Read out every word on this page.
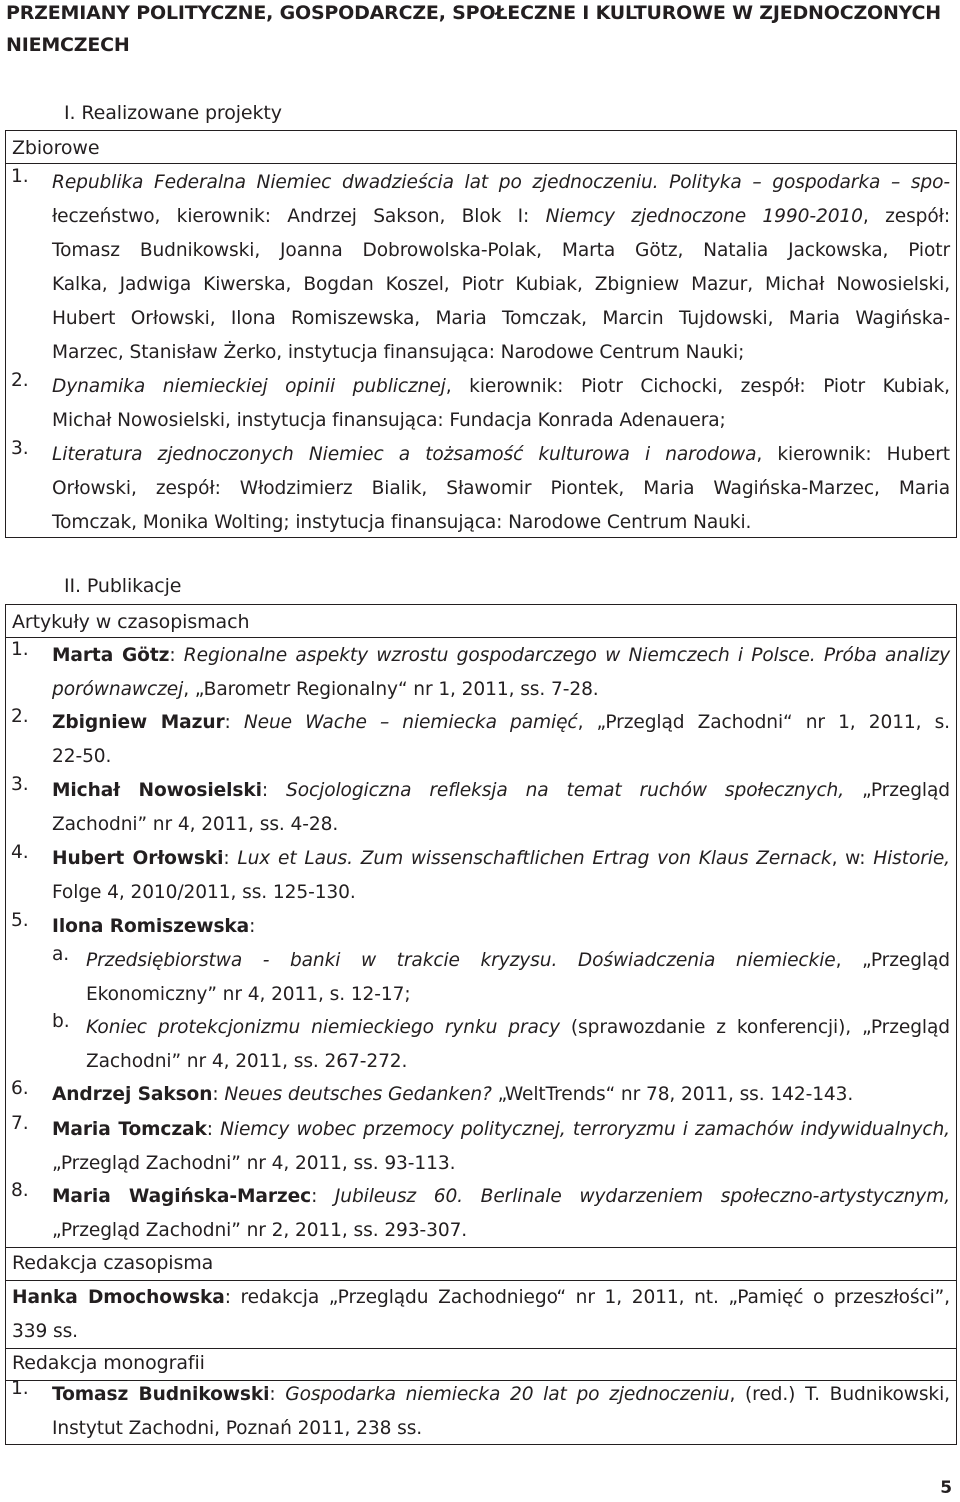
PRZEMIANY POLITYCZNE, GOSPODARCZE, SPOŁECZNE I KULTUROWE W ZJEDNOCZONYCH
NIEMCZECH
I. Realizowane projekty
Zbiorowe
1. Republika Federalna Niemiec dwadzieścia lat po zjednoczeniu. Polityka – gospodarka – spo-
łeczeństwo, kierownik: Andrzej Sakson, Blok I: Niemcy zjednoczone 1990-2010, zespół:
Tomasz Budnikowski, Joanna Dobrowolska-Polak, Marta Götz, Natalia Jackowska, Piotr
Kalka, Jadwiga Kiwerska, Bogdan Koszel, Piotr Kubiak, Zbigniew Mazur, Michał Nowosielski,
Hubert Orłowski, Ilona Romiszewska, Maria Tomczak, Marcin Tujdowski, Maria Wagińska-
Marzec, Stanisław Żerko, instytucja finansująca: Narodowe Centrum Nauki;
2. Dynamika niemieckiej opinii publicznej, kierownik: Piotr Cichocki, zespół: Piotr Kubiak,
Michał Nowosielski, instytucja finansująca: Fundacja Konrada Adenauera;
3. Literatura zjednoczonych Niemiec a tożsamość kulturowa i narodowa, kierownik: Hubert
Orłowski, zespół: Włodzimierz Bialik, Sławomir Piontek, Maria Wagińska-Marzec, Maria
Tomczak, Monika Wolting; instytucja finansująca: Narodowe Centrum Nauki.
II. Publikacje
Artykuły w czasopismach
1. Marta Götz: Regionalne aspekty wzrostu gospodarczego w Niemczech i Polsce. Próba analizy
porównawczej, „Barometr Regionalny“ nr 1, 2011, ss. 7-28.
2. Zbigniew Mazur: Neue Wache – niemiecka pamięć, „Przegląd Zachodni“ nr 1, 2011, s.
22-50.
3. Michał Nowosielski: Socjologiczna refleksja na temat ruchów społecznych, „Przegląd
Zachodni” nr 4, 2011, ss. 4-28.
4. Hubert Orłowski: Lux et Laus. Zum wissenschaftlichen Ertrag von Klaus Zernack, w: Historie,
Folge 4, 2010/2011, ss. 125-130.
5. Ilona Romiszewska:
a. Przedsiębiorstwa - banki w trakcie kryzysu. Doświadczenia niemieckie, „Przegląd
Ekonomiczny” nr 4, 2011, s. 12-17;
b. Koniec protekcjonizmu niemieckiego rynku pracy (sprawozdanie z konferencji), „Przegląd
Zachodni” nr 4, 2011, ss. 267-272.
6. Andrzej Sakson: Neues deutsches Gedanken? „WeltTrends“ nr 78, 2011, ss. 142-143.
7. Maria Tomczak: Niemcy wobec przemocy politycznej, terroryzmu i zamachów indywidualnych,
„Przegląd Zachodni” nr 4, 2011, ss. 93-113.
8. Maria Wagińska-Marzec: Jubileusz 60. Berlinale wydarzeniem społeczno-artystycznym,
„Przegląd Zachodni” nr 2, 2011, ss. 293-307.
Redakcja czasopisma
Hanka Dmochowska: redakcja „Przeglądu Zachodniego“ nr 1, 2011, nt. „Pamięć o przeszłości”,
339 ss.
Redakcja monografii
1. Tomasz Budnikowski: Gospodarka niemiecka 20 lat po zjednoczeniu, (red.) T. Budnikowski,
Instytut Zachodni, Poznań 2011, 238 ss.
5
